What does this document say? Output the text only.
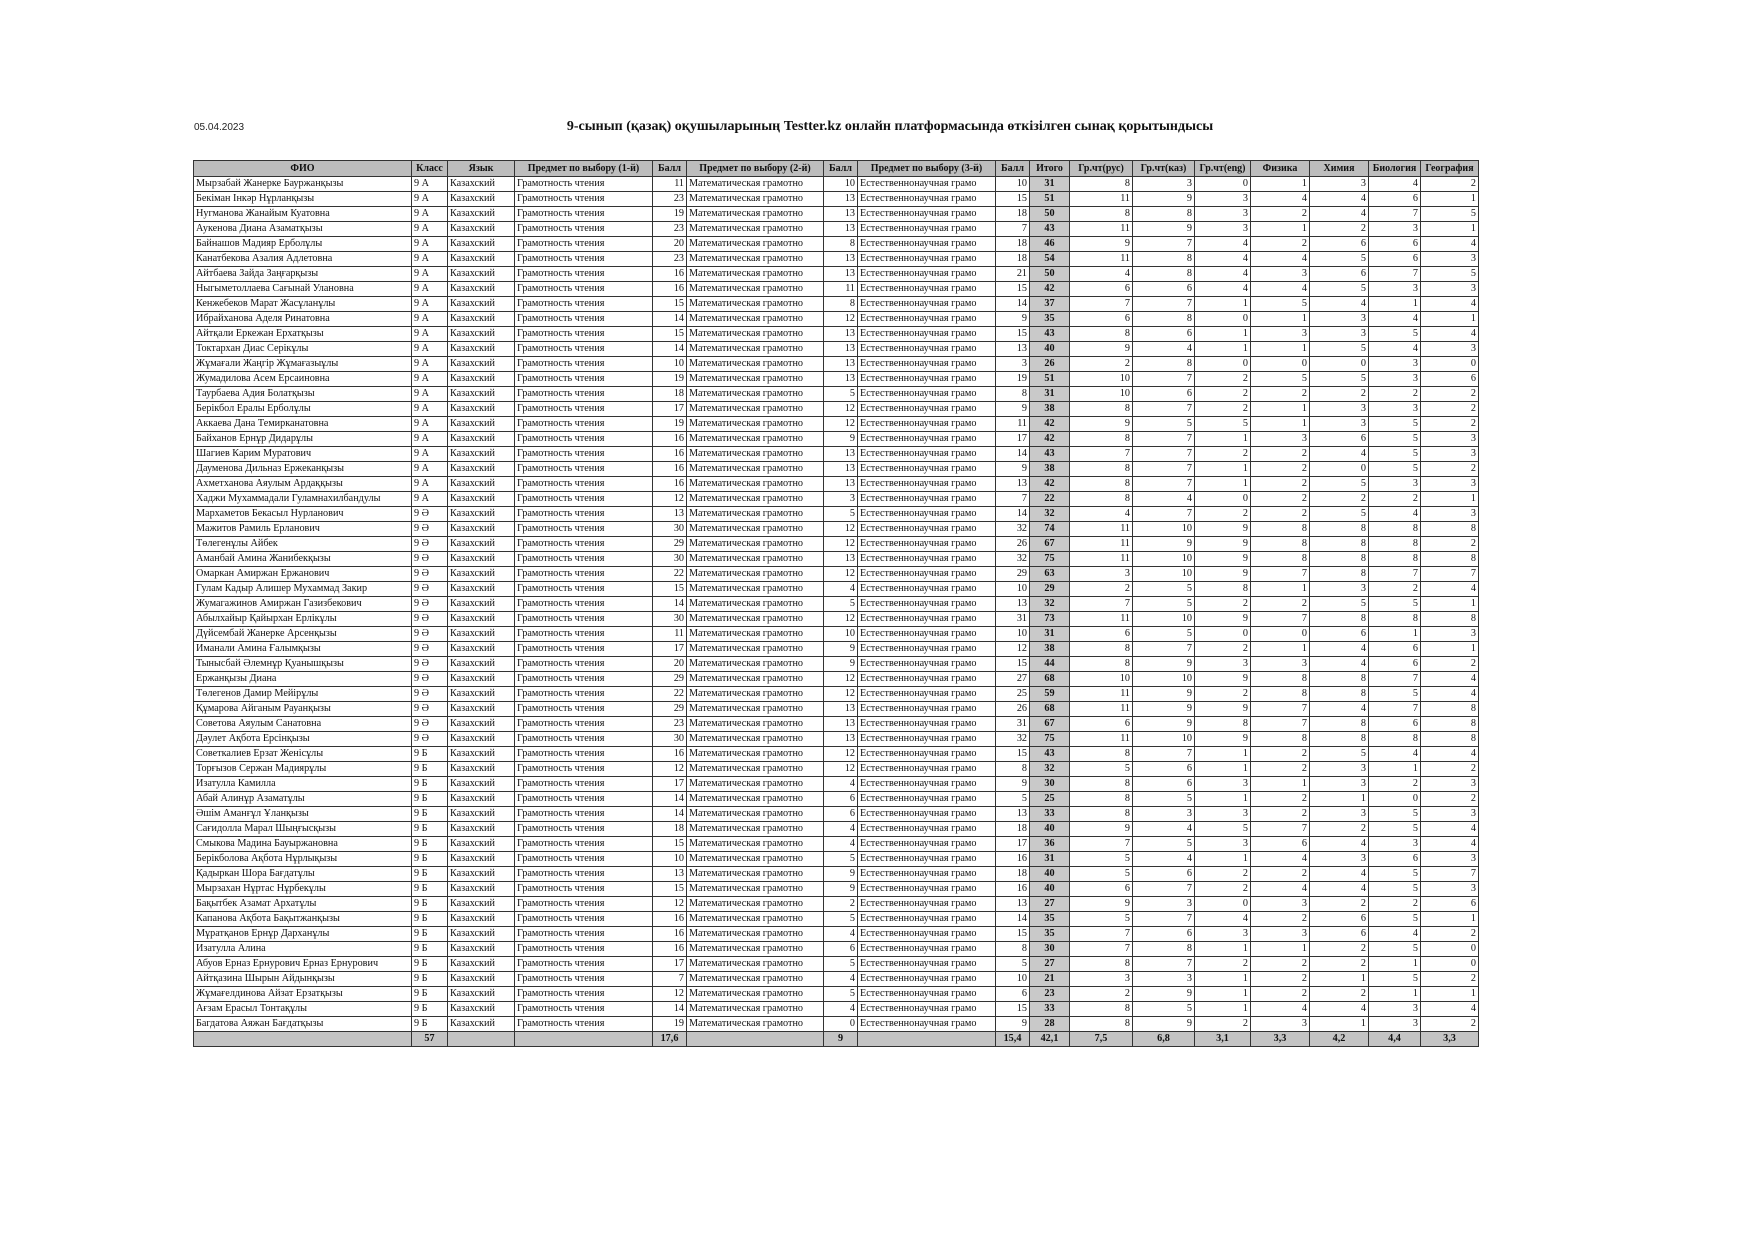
05.04.2023	9-сынып (қазақ) оқушыларының Testter.kz онлайн платформасында өткізілген сынақ қорытындысы
ФИО	Класс	Язык	Предмет по выбору (1-й)	Балл	Предмет по выбору (2-й)	Балл	Предмет по выбору (3-й)	Балл	Итого	Гр.чт(рус)	Гр.чт(каз)	Гр.чт(eng)	Физика	Химия	Биология	География
Мырзабай Жанерке Бауржанқызы	9 А	Казахский	Грамотность чтения	11	Математическая грамотно	10	Естественнонаучная грамо	10	31	8	3	0	1	3	4	2
Бекіман Інкәр Нұрланқызы	9 А	Казахский	Грамотность чтения	23	Математическая грамотно	13	Естественнонаучная грамо	15	51	11	9	3	4	4	6	1
Нугманова Жанайым Куатовна	9 А	Казахский	Грамотность чтения	19	Математическая грамотно	13	Естественнонаучная грамо	18	50	8	8	3	2	4	7	5
Аукенова Диана Азаматқызы	9 А	Казахский	Грамотность чтения	23	Математическая грамотно	13	Естественнонаучная грамо	7	43	11	9	3	1	2	3	1
Байнашов Мадияр Ерболұлы	9 А	Казахский	Грамотность чтения	20	Математическая грамотно	8	Естественнонаучная грамо	18	46	9	7	4	2	6	6	4
Канатбекова Азалия Адлетовна	9 А	Казахский	Грамотность чтения	23	Математическая грамотно	13	Естественнонаучная грамо	18	54	11	8	4	4	5	6	3
Айтбаева Зайда Заңғарқызы	9 А	Казахский	Грамотность чтения	16	Математическая грамотно	13	Естественнонаучная грамо	21	50	4	8	4	3	6	7	5
Ныгыметоллаева Сағынай Улановна	9 А	Казахский	Грамотность чтения	16	Математическая грамотно	11	Естественнонаучная грамо	15	42	6	6	4	4	5	3	3
Кенжебеков Марат Жасұланұлы	9 А	Казахский	Грамотность чтения	15	Математическая грамотно	8	Естественнонаучная грамо	14	37	7	7	1	5	4	1	4
Ибрайханова Аделя Ринатовна	9 А	Казахский	Грамотность чтения	14	Математическая грамотно	12	Естественнонаучная грамо	9	35	6	8	0	1	3	4	1
Айтқали Еркежан Ерхатқызы	9 А	Казахский	Грамотность чтения	15	Математическая грамотно	13	Естественнонаучная грамо	15	43	8	6	1	3	3	5	4
Токтархан Диас Серікұлы	9 А	Казахский	Грамотность чтения	14	Математическая грамотно	13	Естественнонаучная грамо	13	40	9	4	1	1	5	4	3
Жұмағали Жаңгір Жұмағазыұлы	9 А	Казахский	Грамотность чтения	10	Математическая грамотно	13	Естественнонаучная грамо	3	26	2	8	0	0	0	3	0
Жумадилова Асем Ерсаиновна	9 А	Казахский	Грамотность чтения	19	Математическая грамотно	13	Естественнонаучная грамо	19	51	10	7	2	5	5	3	6
Таурбаева Адия Болатқызы	9 А	Казахский	Грамотность чтения	18	Математическая грамотно	5	Естественнонаучная грамо	8	31	10	6	2	2	2	2	2
Берікбол Ералы Ерболұлы	9 А	Казахский	Грамотность чтения	17	Математическая грамотно	12	Естественнонаучная грамо	9	38	8	7	2	1	3	3	2
Аккаева Дана Темирканатовна	9 А	Казахский	Грамотность чтения	19	Математическая грамотно	12	Естественнонаучная грамо	11	42	9	5	5	1	3	5	2
Байханов Ернұр Дидарұлы	9 А	Казахский	Грамотность чтения	16	Математическая грамотно	9	Естественнонаучная грамо	17	42	8	7	1	3	6	5	3
Шагиев Карим Муратович	9 А	Казахский	Грамотность чтения	16	Математическая грамотно	13	Естественнонаучная грамо	14	43	7	7	2	2	4	5	3
Дауменова Дильназ Ержеканқызы	9 А	Казахский	Грамотность чтения	16	Математическая грамотно	13	Естественнонаучная грамо	9	38	8	7	1	2	0	5	2
Ахметханова Аяулым Ардаққызы	9 А	Казахский	Грамотность чтения	16	Математическая грамотно	13	Естественнонаучная грамо	13	42	8	7	1	2	5	3	3
Хаджи Мухаммадали Гуламнахилбандулы	9 А	Казахский	Грамотность чтения	12	Математическая грамотно	3	Естественнонаучная грамо	7	22	8	4	0	2	2	2	1
Мархаметов Бекасыл Нурланович	9 Ә	Казахский	Грамотность чтения	13	Математическая грамотно	5	Естественнонаучная грамо	14	32	4	7	2	2	5	4	3
Мажитов Рамиль Ерланович	9 Ә	Казахский	Грамотность чтения	30	Математическая грамотно	12	Естественнонаучная грамо	32	74	11	10	9	8	8	8	8
Төлегенұлы Айбек	9 Ә	Казахский	Грамотность чтения	29	Математическая грамотно	12	Естественнонаучная грамо	26	67	11	9	9	8	8	8	2
Аманбай Амина Жанибекқызы	9 Ә	Казахский	Грамотность чтения	30	Математическая грамотно	13	Естественнонаучная грамо	32	75	11	10	9	8	8	8	8
Омаркан Амиржан Ержанович	9 Ә	Казахский	Грамотность чтения	22	Математическая грамотно	12	Естественнонаучная грамо	29	63	3	10	9	7	8	7	7
Гулам Кадыр Алишер Мухаммад Закир	9 Ә	Казахский	Грамотность чтения	15	Математическая грамотно	4	Естественнонаучная грамо	10	29	2	5	8	1	3	2	4
Жумагажинов Амиржан Газизбекович	9 Ә	Казахский	Грамотность чтения	14	Математическая грамотно	5	Естественнонаучная грамо	13	32	7	5	2	2	5	5	1
Абылхайыр Қайырхан Ерлікұлы	9 Ә	Казахский	Грамотность чтения	30	Математическая грамотно	12	Естественнонаучная грамо	31	73	11	10	9	7	8	8	8
Дүйсембай Жанерке Арсенқызы	9 Ә	Казахский	Грамотность чтения	11	Математическая грамотно	10	Естественнонаучная грамо	10	31	6	5	0	0	6	1	3
Иманали Амина Ғалымқызы	9 Ә	Казахский	Грамотность чтения	17	Математическая грамотно	9	Естественнонаучная грамо	12	38	8	7	2	1	4	6	1
Тынысбай Әлемнұр Қуанышқызы	9 Ә	Казахский	Грамотность чтения	20	Математическая грамотно	9	Естественнонаучная грамо	15	44	8	9	3	3	4	6	2
Ержанқызы Диана	9 Ә	Казахский	Грамотность чтения	29	Математическая грамотно	12	Естественнонаучная грамо	27	68	10	10	9	8	8	7	4
Төлегенов Дамир Мейірұлы	9 Ә	Казахский	Грамотность чтения	22	Математическая грамотно	12	Естественнонаучная грамо	25	59	11	9	2	8	8	5	4
Құмарова Айганым Рауанқызы	9 Ә	Казахский	Грамотность чтения	29	Математическая грамотно	13	Естественнонаучная грамо	26	68	11	9	9	7	4	7	8
Советова Аяулым Санатовна	9 Ә	Казахский	Грамотность чтения	23	Математическая грамотно	13	Естественнонаучная грамо	31	67	6	9	8	7	8	6	8
Дәулет Ақбота Ерсінқызы	9 Ә	Казахский	Грамотность чтения	30	Математическая грамотно	13	Естественнонаучная грамо	32	75	11	10	9	8	8	8	8
Советкалиев Ерзат Женісұлы	9 Б	Казахский	Грамотность чтения	16	Математическая грамотно	12	Естественнонаучная грамо	15	43	8	7	1	2	5	4	4
Торғызов Сержан Мадиярұлы	9 Б	Казахский	Грамотность чтения	12	Математическая грамотно	12	Естественнонаучная грамо	8	32	5	6	1	2	3	1	2
Изатулла Камилла	9 Б	Казахский	Грамотность чтения	17	Математическая грамотно	4	Естественнонаучная грамо	9	30	8	6	3	1	3	2	3
Абай Алинұр Азаматұлы	9 Б	Казахский	Грамотность чтения	14	Математическая грамотно	6	Естественнонаучная грамо	5	25	8	5	1	2	1	0	2
Әшім Аманғұл Ұланқызы	9 Б	Казахский	Грамотность чтения	14	Математическая грамотно	6	Естественнонаучная грамо	13	33	8	3	3	2	3	5	3
Сағидолла Марал Шыңғысқызы	9 Б	Казахский	Грамотность чтения	18	Математическая грамотно	4	Естественнонаучная грамо	18	40	9	4	5	7	2	5	4
Смыкова Мадина Бауыржановна	9 Б	Казахский	Грамотность чтения	15	Математическая грамотно	4	Естественнонаучная грамо	17	36	7	5	3	6	4	3	4
Берікболова Ақбота Нұрлықызы	9 Б	Казахский	Грамотность чтения	10	Математическая грамотно	5	Естественнонаучная грамо	16	31	5	4	1	4	3	6	3
Қадыркан Шора Бағдатұлы	9 Б	Казахский	Грамотность чтения	13	Математическая грамотно	9	Естественнонаучная грамо	18	40	5	6	2	2	4	5	7
Мырзахан Нұртас Нұрбекұлы	9 Б	Казахский	Грамотность чтения	15	Математическая грамотно	9	Естественнонаучная грамо	16	40	6	7	2	4	4	5	3
Бақытбек Азамат Архатұлы	9 Б	Казахский	Грамотность чтения	12	Математическая грамотно	2	Естественнонаучная грамо	13	27	9	3	0	3	2	2	6
Капанова Ақбота Бақытжанқызы	9 Б	Казахский	Грамотность чтения	16	Математическая грамотно	5	Естественнонаучная грамо	14	35	5	7	4	2	6	5	1
Мұратқанов Ернұр Дарханұлы	9 Б	Казахский	Грамотность чтения	16	Математическая грамотно	4	Естественнонаучная грамо	15	35	7	6	3	3	6	4	2
Изатулла Алина	9 Б	Казахский	Грамотность чтения	16	Математическая грамотно	6	Естественнонаучная грамо	8	30	7	8	1	1	2	5	0
Абуов Ерназ Ернурович Ерназ Ернурович	9 Б	Казахский	Грамотность чтения	17	Математическая грамотно	5	Естественнонаучная грамо	5	27	8	7	2	2	2	1	0
Айтқазина Шырын Айдынқызы	9 Б	Казахский	Грамотность чтения	7	Математическая грамотно	4	Естественнонаучная грамо	10	21	3	3	1	2	1	5	2
Жұмағелдинова Айзат Ерзатқызы	9 Б	Казахский	Грамотность чтения	12	Математическая грамотно	5	Естественнонаучная грамо	6	23	2	9	1	2	2	1	1
Ағзам Ерасыл Тонтақұлы	9 Б	Казахский	Грамотность чтения	14	Математическая грамотно	4	Естественнонаучная грамо	15	33	8	5	1	4	4	3	4
Багдатова Аяжан Бағдатқызы	9 Б	Казахский	Грамотность чтения	19	Математическая грамотно	0	Естественнонаучная грамо	9	28	8	9	2	3	1	3	2
	57			17,6		9		15,4	42,1	7,5	6,8	3,1	3,3	4,2	4,4	3,3
